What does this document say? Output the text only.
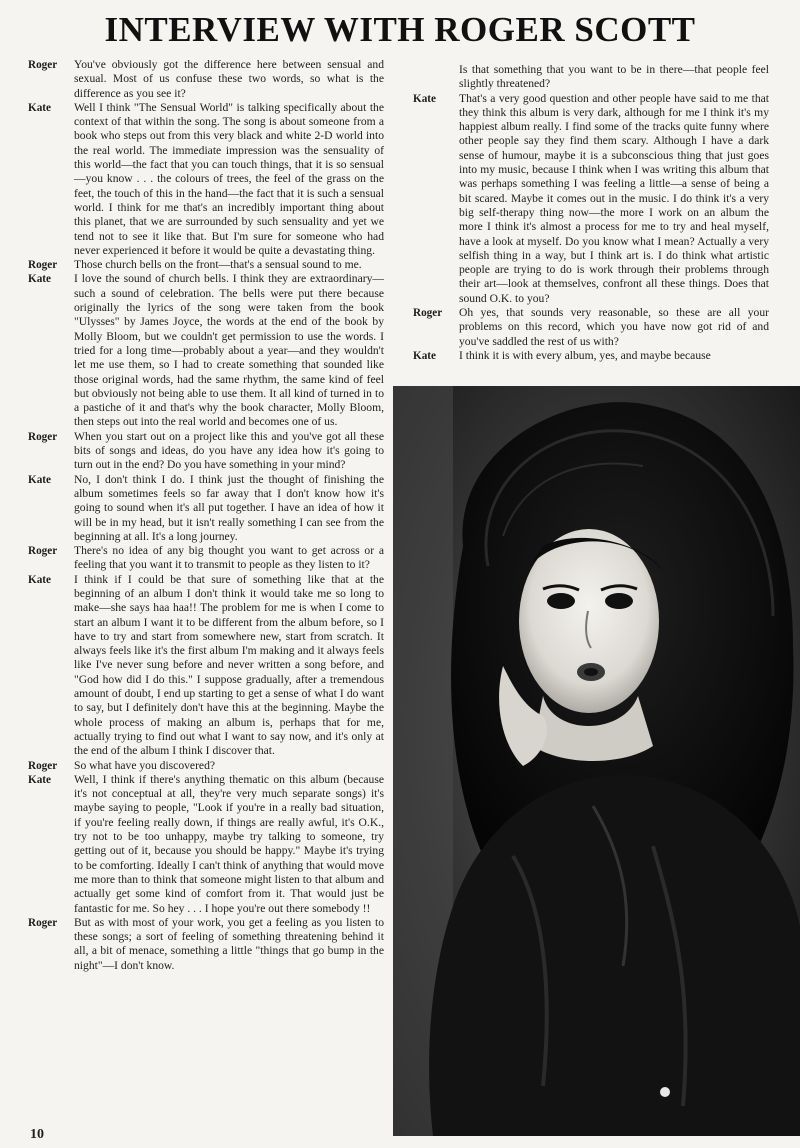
INTERVIEW WITH ROGER SCOTT
Roger	You've obviously got the difference here between sensual and sexual. Most of us confuse these two words, so what is the difference as you see it?
Kate	Well I think "The Sensual World" is talking specifically about the context of that within the song. The song is about someone from a book who steps out from this very black and white 2-D world into the real world. The immediate impression was the sensuality of this world—the fact that you can touch things, that it is so sensual—you know . . . the colours of trees, the feel of the grass on the feet, the touch of this in the hand—the fact that it is such a sensual world. I think for me that's an incredibly important thing about this planet, that we are surrounded by such sensuality and yet we tend not to see it like that. But I'm sure for someone who had never experienced it before it would be quite a devastating thing.
Roger	Those church bells on the front—that's a sensual sound to me.
Kate	I love the sound of church bells. I think they are extraordinary—such a sound of celebration. The bells were put there because originally the lyrics of the song were taken from the book "Ulysses" by James Joyce, the words at the end of the book by Molly Bloom, but we couldn't get permission to use the words. I tried for a long time—probably about a year—and they wouldn't let me use them, so I had to create something that sounded like those original words, had the same rhythm, the same kind of feel but obviously not being able to use them. It all kind of turned in to a pastiche of it and that's why the book character, Molly Bloom, then steps out into the real world and becomes one of us.
Roger	When you start out on a project like this and you've got all these bits of songs and ideas, do you have any idea how it's going to turn out in the end? Do you have something in your mind?
Kate	No, I don't think I do. I think just the thought of finishing the album sometimes feels so far away that I don't know how it's going to sound when it's all put together. I have an idea of how it will be in my head, but it isn't really something I can see from the beginning at all. It's a long journey.
Roger	There's no idea of any big thought you want to get across or a feeling that you want it to transmit to people as they listen to it?
Kate	I think if I could be that sure of something like that at the beginning of an album I don't think it would take me so long to make—she says haa haa!! The problem for me is when I come to start an album I want it to be different from the album before, so I have to try and start from somewhere new, start from scratch. It always feels like it's the first album I'm making and it always feels like I've never sung before and never written a song before, and "God how did I do this." I suppose gradually, after a tremendous amount of doubt, I end up starting to get a sense of what I do want to say, but I definitely don't have this at the beginning. Maybe the whole process of making an album is, perhaps that for me, actually trying to find out what I want to say now, and it's only at the end of the album I think I discover that.
Roger	So what have you discovered?
Kate	Well, I think if there's anything thematic on this album (because it's not conceptual at all, they're very much separate songs) it's maybe saying to people, "Look if you're in a really bad situation, if you're feeling really down, if things are really awful, it's O.K., try not to be too unhappy, maybe try talking to someone, try getting out of it, because you should be happy." Maybe it's trying to be comforting. Ideally I can't think of anything that would move me more than to think that someone might listen to that album and actually get some kind of comfort from it. That would just be fantastic for me. So hey . . . I hope you're out there somebody !!
Roger	But as with most of your work, you get a feeling as you listen to these songs; a sort of feeling of something threatening behind it all, a bit of menace, something a little "things that go bump in the night"—I don't know.
Is that something that you want to be in there—that people feel slightly threatened?
Kate	That's a very good question and other people have said to me that they think this album is very dark, although for me I think it's my happiest album really. I find some of the tracks quite funny where other people say they find them scary. Although I have a dark sense of humour, maybe it is a subconscious thing that just goes into my music, because I think when I was writing this album that was perhaps something I was feeling a little—a sense of being a bit scared. Maybe it comes out in the music. I do think it's a very big self-therapy thing now—the more I work on an album the more I think it's almost a process for me to try and heal myself, have a look at myself. Do you know what I mean? Actually a very selfish thing in a way, but I think art is. I do think what artistic people are trying to do is work through their problems through their art—look at themselves, confront all these things. Does that sound O.K. to you?
Roger	Oh yes, that sounds very reasonable, so these are all your problems on this record, which you have now got rid of and you've saddled the rest of us with?
Kate	I think it is with every album, yes, and maybe because
10
